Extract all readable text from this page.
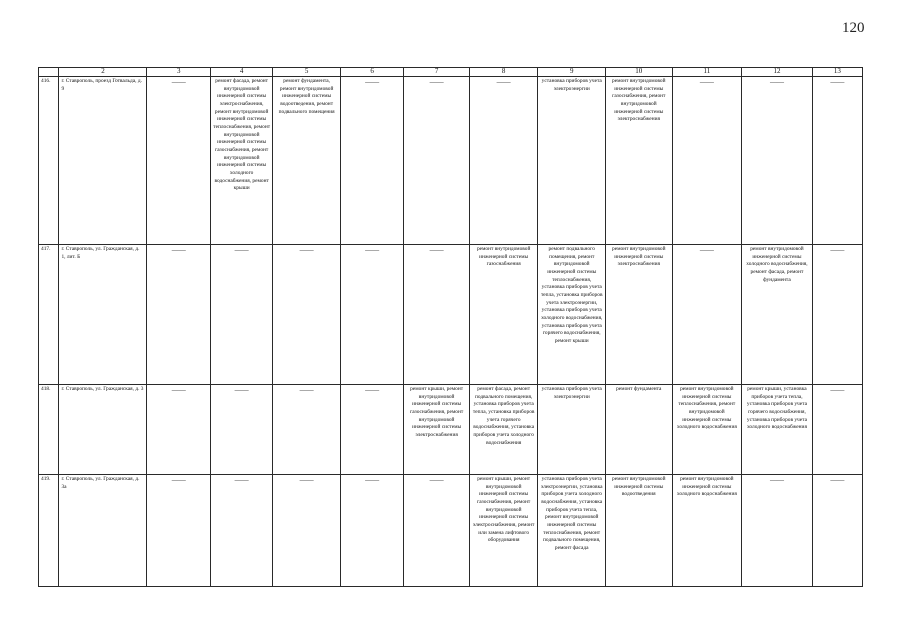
120
	2	3	4	5	6	7	8	9	10	11	12	13
416.	г. Ставрополь, проезд Готвальда, д. 9	——	ремонт фасада, ремонт внутридомовой инженерной системы электроснабжения, ремонт внутридомовой инженерной системы теплоснабжения, ремонт внутридомовой инженерной системы газоснабжения, ремонт внутридомовой инженерной системы холодного водоснабжения, ремонт крыши	ремонт фундамента, ремонт внутридомовой инженерной системы водоотведения, ремонт подвального помещения	——	——	——	установка приборов учета электроэнергии	ремонт внутридомовой инженерной системы газоснабжения, ремонт внутридомовой инженерной системы электроснабжения	——	——	——
417.	г. Ставрополь, ул. Гражданская, д. 1, лит. Б	——	——	——	——	——	ремонт внутридомовой инженерной системы газоснабжения	ремонт подвального помещения, ремонт внутридомовой инженерной системы теплоснабжения, установка приборов учета тепла, установка приборов учета электроэнергии, установка приборов учета холодного водоснабжения, установка приборов учета горячего водоснабжения, ремонт крыши	ремонт внутридомовой инженерной системы электроснабжения	——	ремонт внутридомовой инженерной системы холодного водоснабжения, ремонт фасада, ремонт фундамента	——
418.	г. Ставрополь, ул. Гражданская, д. 3	——	——	——	——	ремонт крыши, ремонт внутридомовой инженерной системы газоснабжения, ремонт внутридомовой инженерной системы электроснабжения	ремонт фасада, ремонт подвального помещения, установка приборов учета тепла, установка приборов учета горячего водоснабжения, установка приборов учета холодного водоснабжения	установка приборов учета электроэнергии	ремонт фундамента	ремонт внутридомовой инженерной системы теплоснабжения, ремонт внутридомовой инженерной системы холодного водоснабжения	ремонт крыши, установка приборов учета тепла, установка приборов учета горячего водоснабжения, установка приборов учета холодного водоснабжения	——
419.	г. Ставрополь, ул. Гражданская, д. 3а	——	——	——	——	——	ремонт крыши, ремонт внутридомовой инженерной системы газоснабжения, ремонт внутридомовой инженерной системы электроснабжения, ремонт или замена лифтового оборудования	установка приборов учета электроэнергии, установка приборов учета холодного водоснабжения, установка приборов учета тепла, ремонт внутридомовой инженерной системы теплоснабжения, ремонт подвального помещения, ремонт фасада	ремонт внутридомовой инженерной системы водоотведения	ремонт внутридомовой инженерной системы холодного водоснабжения	——	——
